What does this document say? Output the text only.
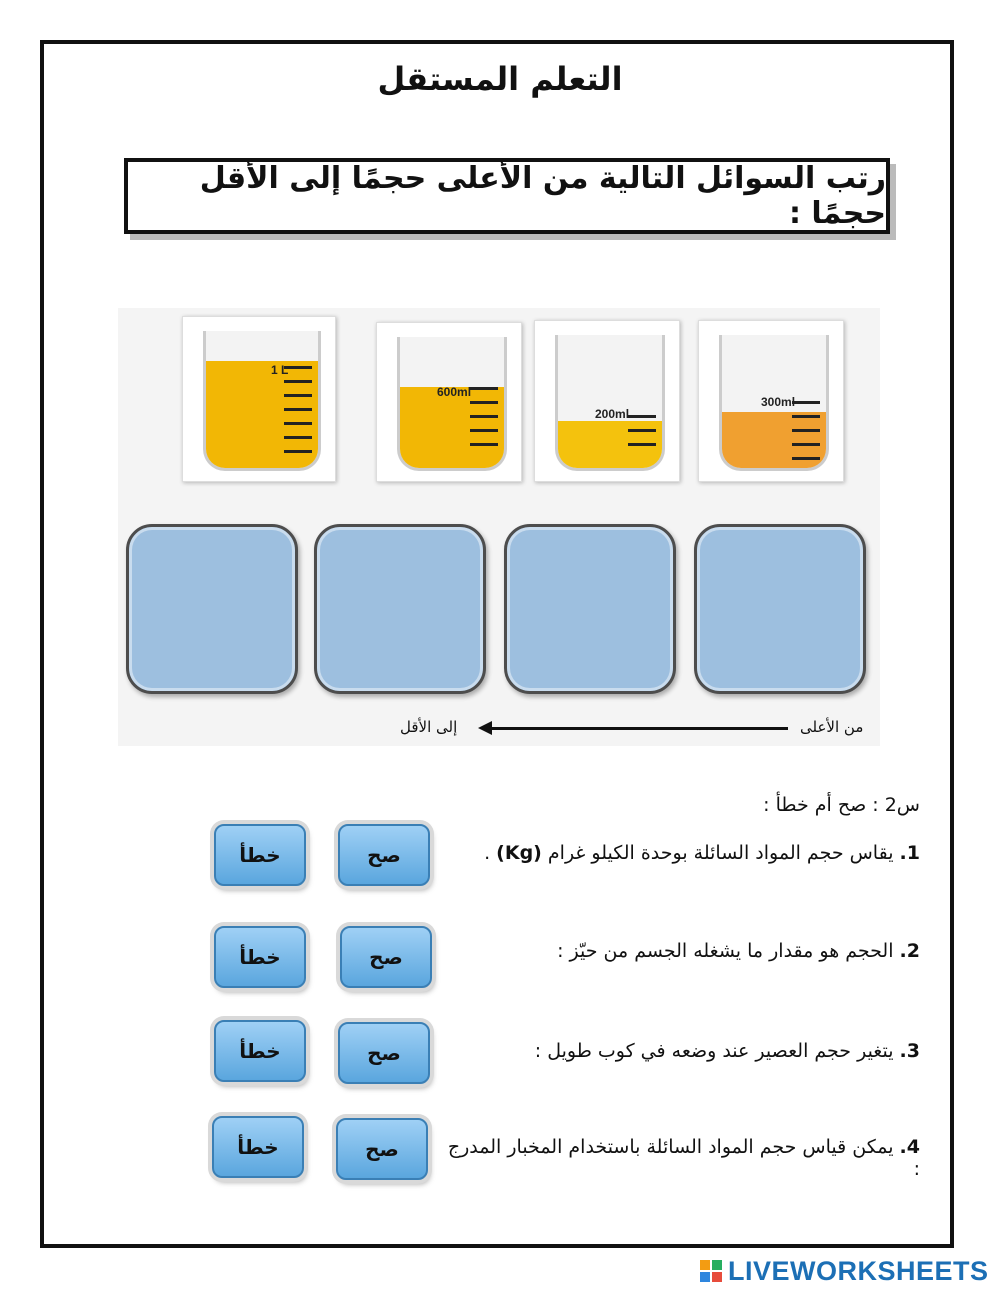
التعلم المستقل
رتب السوائل التالية من الأعلى حجمًا إلى الأقل حجمًا :
1 L
600ml
200ml
300ml
من الأعلى
إلى الأقل
س2 : صح أم خطأ :
1. يقاس حجم المواد السائلة بوحدة الكيلو غرام (Kg) .
خطأ	صح
2. الحجم هو مقدار ما يشغله الجسم من حيّز :
خطأ	صح
3. يتغير حجم العصير عند وضعه في كوب طويل :
خطأ	صح
4. يمكن قياس حجم المواد السائلة باستخدام المخبار المدرج :
خطأ	صح
LIVEWORKSHEETS
